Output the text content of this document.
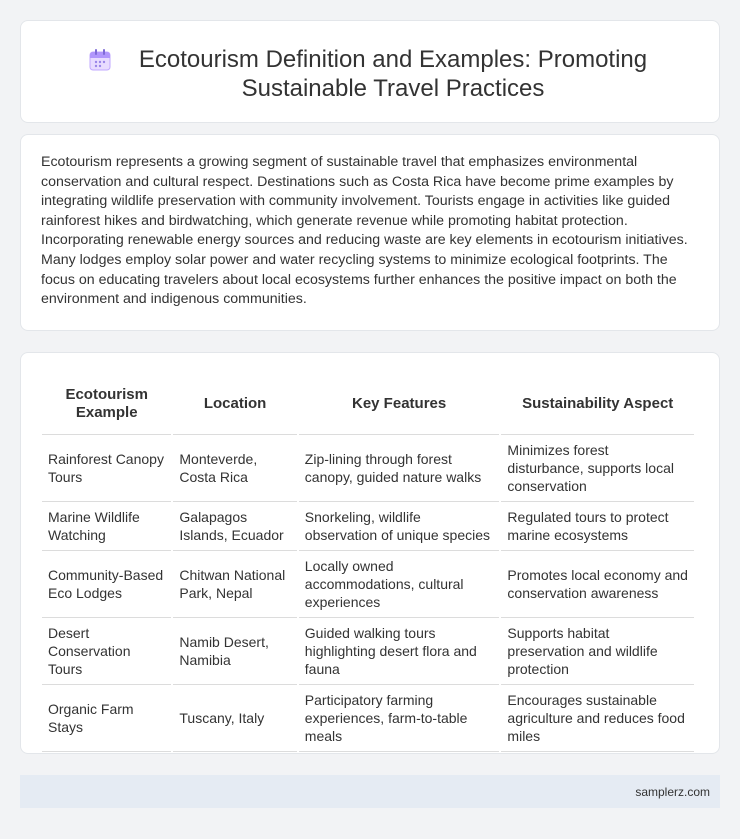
Ecotourism Definition and Examples: Promoting Sustainable Travel Practices

Ecotourism represents a growing segment of sustainable travel that emphasizes environmental conservation and cultural respect. Destinations such as Costa Rica have become prime examples by integrating wildlife preservation with community involvement. Tourists engage in activities like guided rainforest hikes and birdwatching, which generate revenue while promoting habitat protection. Incorporating renewable energy sources and reducing waste are key elements in ecotourism initiatives. Many lodges employ solar power and water recycling systems to minimize ecological footprints. The focus on educating travelers about local ecosystems further enhances the positive impact on both the environment and indigenous communities.

Ecotourism Example	Location	Key Features	Sustainability Aspect
Rainforest Canopy Tours	Monteverde, Costa Rica	Zip-lining through forest canopy, guided nature walks	Minimizes forest disturbance, supports local conservation
Marine Wildlife Watching	Galapagos Islands, Ecuador	Snorkeling, wildlife observation of unique species	Regulated tours to protect marine ecosystems
Community-Based Eco Lodges	Chitwan National Park, Nepal	Locally owned accommodations, cultural experiences	Promotes local economy and conservation awareness
Desert Conservation Tours	Namib Desert, Namibia	Guided walking tours highlighting desert flora and fauna	Supports habitat preservation and wildlife protection
Organic Farm Stays	Tuscany, Italy	Participatory farming experiences, farm-to-table meals	Encourages sustainable agriculture and reduces food miles
samplerz.com
